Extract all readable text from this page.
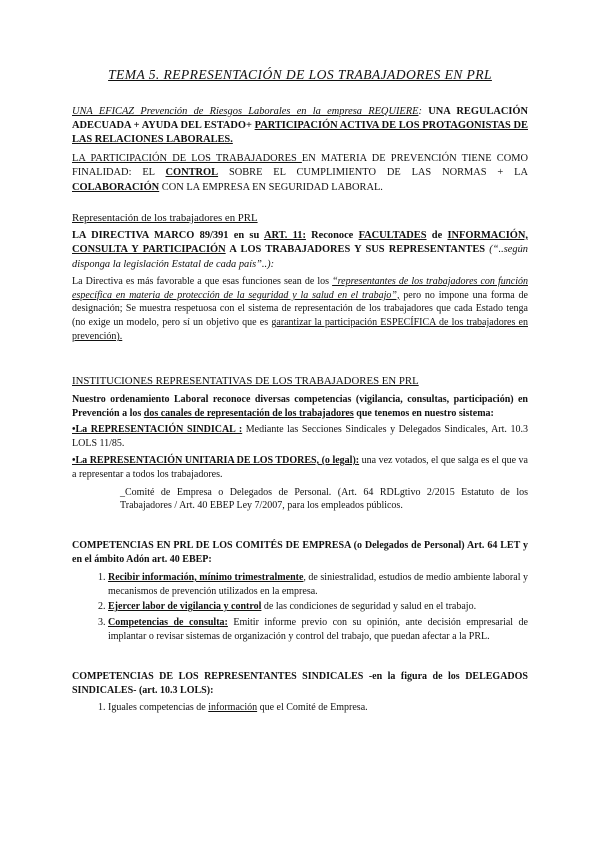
TEMA 5. REPRESENTACIÓN DE LOS TRABAJADORES EN PRL

UNA EFICAZ Prevención de Riesgos Laborales en la empresa REQUIERE: UNA REGULACIÓN ADECUADA + AYUDA DEL ESTADO+ PARTICIPACIÓN ACTIVA DE LOS PROTAGONISTAS DE LAS RELACIONES LABORALES.

LA PARTICIPACIÓN DE LOS TRABAJADORES EN MATERIA DE PREVENCIÓN TIENE COMO FINALIDAD: EL CONTROL SOBRE EL CUMPLIMIENTO DE LAS NORMAS + LA COLABORACIÓN CON LA EMPRESA EN SEGURIDAD LABORAL.

Representación de los trabajadores en PRL

LA DIRECTIVA MARCO 89/391 en su ART. 11: Reconoce FACULTADES de INFORMACIÓN, CONSULTA Y PARTICIPACIÓN A LOS TRABAJADORES Y SUS REPRESENTANTES (“..según disponga la legislación Estatal de cada país”..):

La Directiva es más favorable a que esas funciones sean de los “representantes de los trabajadores con función específica en materia de protección de la seguridad y la salud en el trabajo”, pero no impone una forma de designación; Se muestra respetuosa con el sistema de representación de los trabajadores que cada Estado tenga (no exige un modelo, pero sí un objetivo que es garantizar la participación ESPECÍFICA de los trabajadores en prevención).

INSTITUCIONES REPRESENTATIVAS DE LOS TRABAJADORES EN PRL

Nuestro ordenamiento Laboral reconoce diversas competencias (vigilancia, consultas, participación) en Prevención a los dos canales de representación de los trabajadores que tenemos en nuestro sistema:

•La REPRESENTACIÓN SINDICAL : Mediante las Secciones Sindicales y Delegados Sindicales, Art. 10.3 LOLS 11/85.

•La REPRESENTACIÓN UNITARIA DE LOS TDORES, (o legal): una vez votados, el que salga es el que va a representar a todos los trabajadores.

_Comité de Empresa o Delegados de Personal. (Art. 64 RDLgtivo 2/2015 Estatuto de los Trabajadores / Art. 40 EBEP Ley 7/2007, para los empleados públicos.

COMPETENCIAS EN PRL DE LOS COMITÉS DE EMPRESA (o Delegados de Personal) Art. 64 LET y en el ámbito Adón art. 40 EBEP:

1. Recibir información, mínimo trimestralmente, de siniestralidad, estudios de medio ambiente laboral y mecanismos de prevención utilizados en la empresa.
2. Ejercer labor de vigilancia y control de las condiciones de seguridad y salud en el trabajo.
3. Competencias de consulta: Emitir informe previo con su opinión, ante decisión empresarial de implantar o revisar sistemas de organización y control del trabajo, que puedan afectar a la PRL.

COMPETENCIAS DE LOS REPRESENTANTES SINDICALES -en la figura de los DELEGADOS SINDICALES- (art. 10.3 LOLS):

1. Iguales competencias de información que el Comité de Empresa.
